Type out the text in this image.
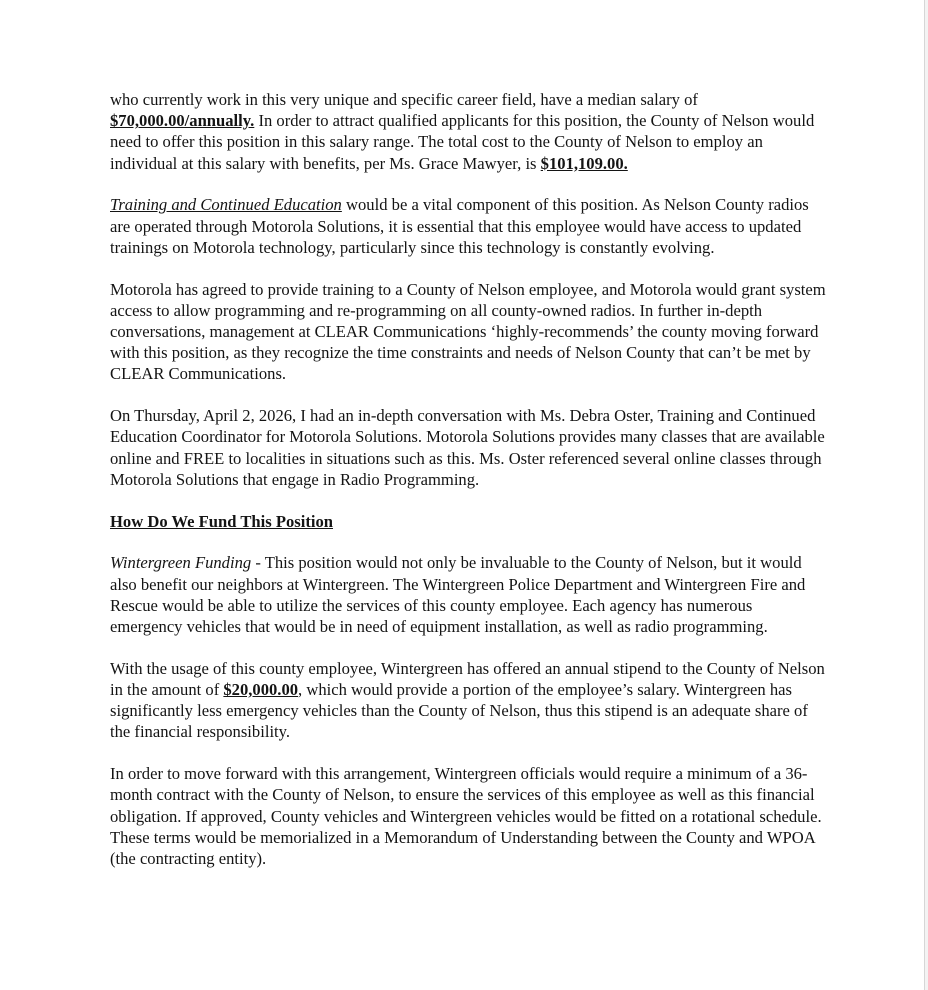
who currently work in this very unique and specific career field, have a median salary of $70,000.00/annually. In order to attract qualified applicants for this position, the County of Nelson would need to offer this position in this salary range. The total cost to the County of Nelson to employ an individual at this salary with benefits, per Ms. Grace Mawyer, is $101,109.00.

Training and Continued Education would be a vital component of this position. As Nelson County radios are operated through Motorola Solutions, it is essential that this employee would have access to updated trainings on Motorola technology, particularly since this technology is constantly evolving.

Motorola has agreed to provide training to a County of Nelson employee, and Motorola would grant system access to allow programming and re-programming on all county-owned radios. In further in-depth conversations, management at CLEAR Communications ‘highly-recommends’ the county moving forward with this position, as they recognize the time constraints and needs of Nelson County that can’t be met by CLEAR Communications.

On Thursday, April 2, 2026, I had an in-depth conversation with Ms. Debra Oster, Training and Continued Education Coordinator for Motorola Solutions. Motorola Solutions provides many classes that are available online and FREE to localities in situations such as this. Ms. Oster referenced several online classes through Motorola Solutions that engage in Radio Programming.

How Do We Fund This Position

Wintergreen Funding - This position would not only be invaluable to the County of Nelson, but it would also benefit our neighbors at Wintergreen. The Wintergreen Police Department and Wintergreen Fire and Rescue would be able to utilize the services of this county employee. Each agency has numerous emergency vehicles that would be in need of equipment installation, as well as radio programming.

With the usage of this county employee, Wintergreen has offered an annual stipend to the County of Nelson in the amount of $20,000.00, which would provide a portion of the employee’s salary. Wintergreen has significantly less emergency vehicles than the County of Nelson, thus this stipend is an adequate share of the financial responsibility.

In order to move forward with this arrangement, Wintergreen officials would require a minimum of a 36-month contract with the County of Nelson, to ensure the services of this employee as well as this financial obligation. If approved, County vehicles and Wintergreen vehicles would be fitted on a rotational schedule. These terms would be memorialized in a Memorandum of Understanding between the County and WPOA (the contracting entity).
